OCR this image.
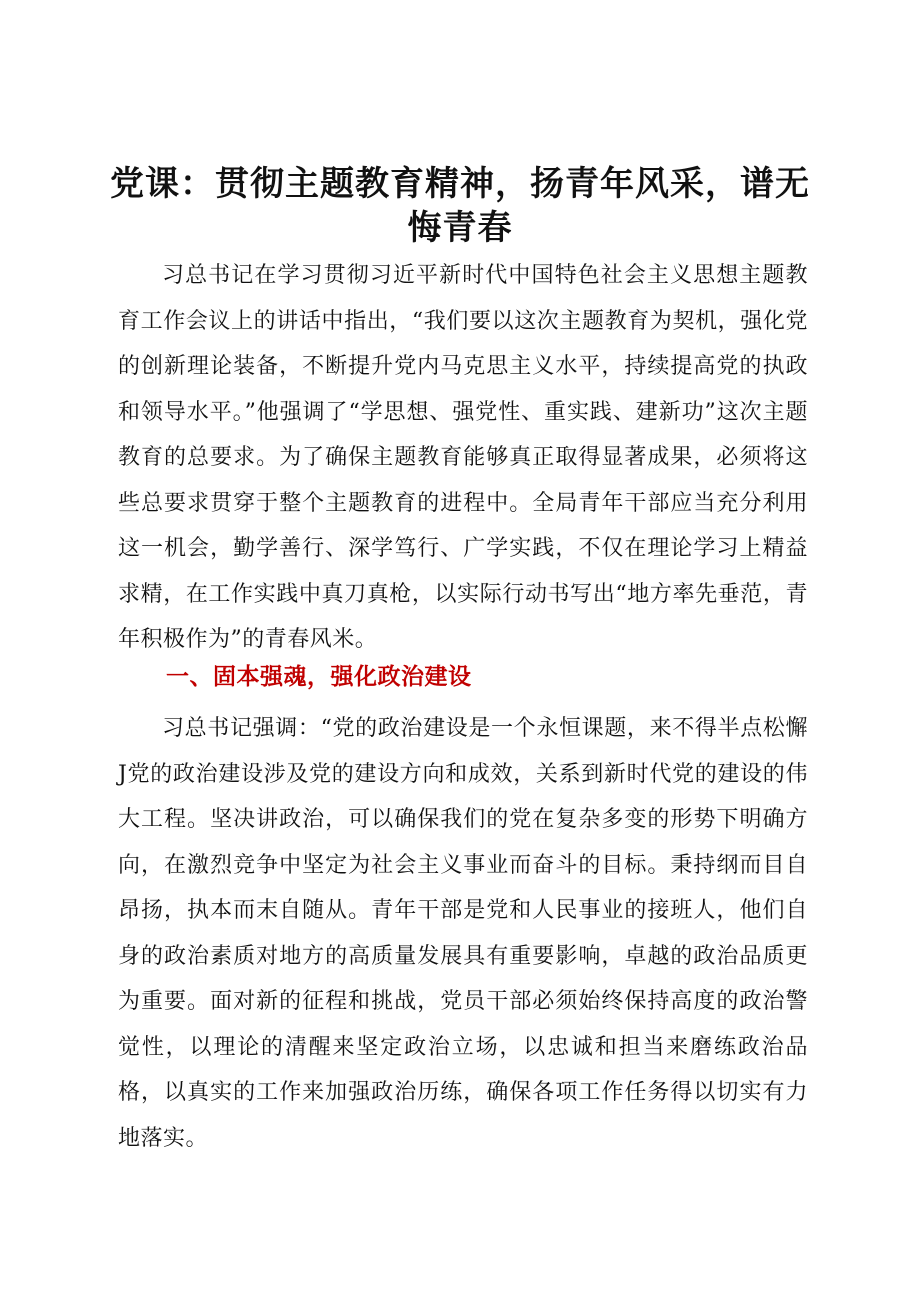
党课：贯彻主题教育精神，扬青年风采，谱无
悔青春

习总书记在学习贯彻习近平新时代中国特色社会主义思想主题教育工作会议上的讲话中指出，“我们要以这次主题教育为契机，强化党的创新理论装备，不断提升党内马克思主义水平，持续提高党的执政和领导水平。”他强调了“学思想、强党性、重实践、建新功”这次主题教育的总要求。为了确保主题教育能够真正取得显著成果，必须将这些总要求贯穿于整个主题教育的进程中。全局青年干部应当充分利用这一机会，勤学善行、深学笃行、广学实践，不仅在理论学习上精益求精，在工作实践中真刀真枪，以实际行动书写出“地方率先垂范，青年积极作为”的青春风米。

一、固本强魂，强化政治建设

习总书记强调：“党的政治建设是一个永恒课题，来不得半点松懈J党的政治建设涉及党的建设方向和成效，关系到新时代党的建设的伟大工程。坚决讲政治，可以确保我们的党在复杂多变的形势下明确方向，在激烈竞争中坚定为社会主义事业而奋斗的目标。秉持纲而目自昂扬，执本而末自随从。青年干部是党和人民事业的接班人，他们自身的政治素质对地方的高质量发展具有重要影响，卓越的政治品质更为重要。面对新的征程和挑战，党员干部必须始终保持高度的政治警觉性，以理论的清醒来坚定政治立场，以忠诚和担当来磨练政治品格，以真实的工作来加强政治历练，确保各项工作任务得以切实有力地落实。
